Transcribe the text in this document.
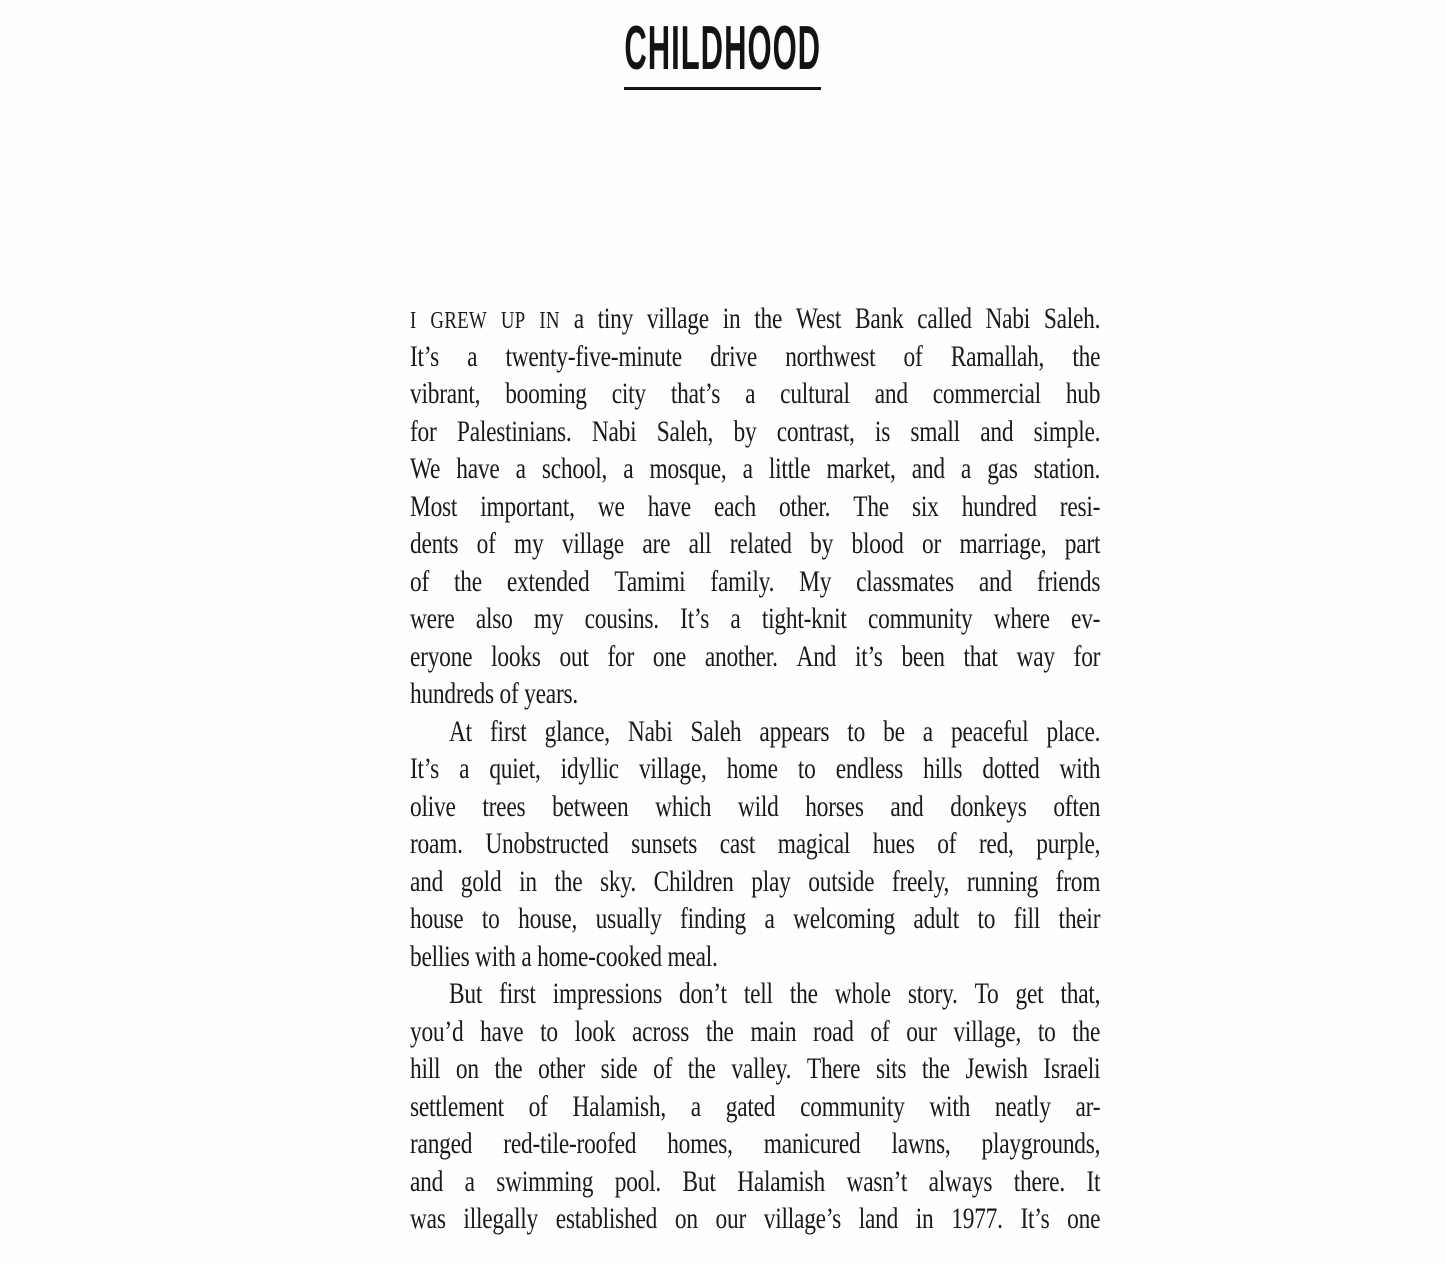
CHILDHOOD
I GREW UP IN a tiny village in the West Bank called Nabi Saleh.
It’s a twenty-five-minute drive northwest of Ramallah, the
vibrant, booming city that’s a cultural and commercial hub
for Palestinians. Nabi Saleh, by contrast, is small and simple.
We have a school, a mosque, a little market, and a gas station.
Most important, we have each other. The six hundred resi-
dents of my village are all related by blood or marriage, part
of the extended Tamimi family. My classmates and friends
were also my cousins. It’s a tight-knit community where ev-
eryone looks out for one another. And it’s been that way for
hundreds of years.
At first glance, Nabi Saleh appears to be a peaceful place.
It’s a quiet, idyllic village, home to endless hills dotted with
olive trees between which wild horses and donkeys often
roam. Unobstructed sunsets cast magical hues of red, purple,
and gold in the sky. Children play outside freely, running from
house to house, usually finding a welcoming adult to fill their
bellies with a home-cooked meal.
But first impressions don’t tell the whole story. To get that,
you’d have to look across the main road of our village, to the
hill on the other side of the valley. There sits the Jewish Israeli
settlement of Halamish, a gated community with neatly ar-
ranged red-tile-roofed homes, manicured lawns, playgrounds,
and a swimming pool. But Halamish wasn’t always there. It
was illegally established on our village’s land in 1977. It’s one
